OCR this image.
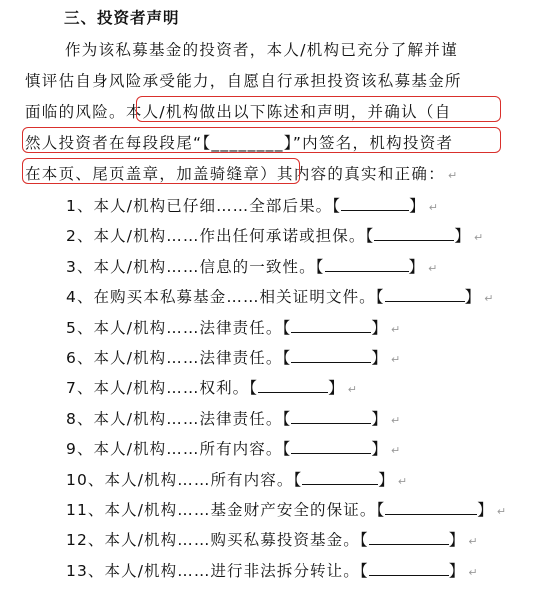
三、投资者声明
作为该私募基金的投资者，本人/机构已充分了解并谨
慎评估自身风险承受能力，自愿自行承担投资该私募基金所
面临的风险。本人/机构做出以下陈述和声明，并确认（自
然人投资者在每段段尾“【________】”内签名，机构投资者
在本页、尾页盖章，加盖骑缝章）其内容的真实和正确： ↵
1、本人/机构已仔细……全部后果。【	】 ↵
2、本人/机构……作出任何承诺或担保。【	】 ↵
3、本人/机构……信息的一致性。【	】 ↵
4、在购买本私募基金……相关证明文件。【	】 ↵
5、本人/机构……法律责任。【	】 ↵
6、本人/机构……法律责任。【	】 ↵
7、本人/机构……权利。【	】 ↵
8、本人/机构……法律责任。【	】 ↵
9、本人/机构……所有内容。【	】 ↵
10、本人/机构……所有内容。【	】 ↵
11、本人/机构……基金财产安全的保证。【	】 ↵
12、本人/机构……购买私募投资基金。【	】 ↵
13、本人/机构……进行非法拆分转让。【	】 ↵
